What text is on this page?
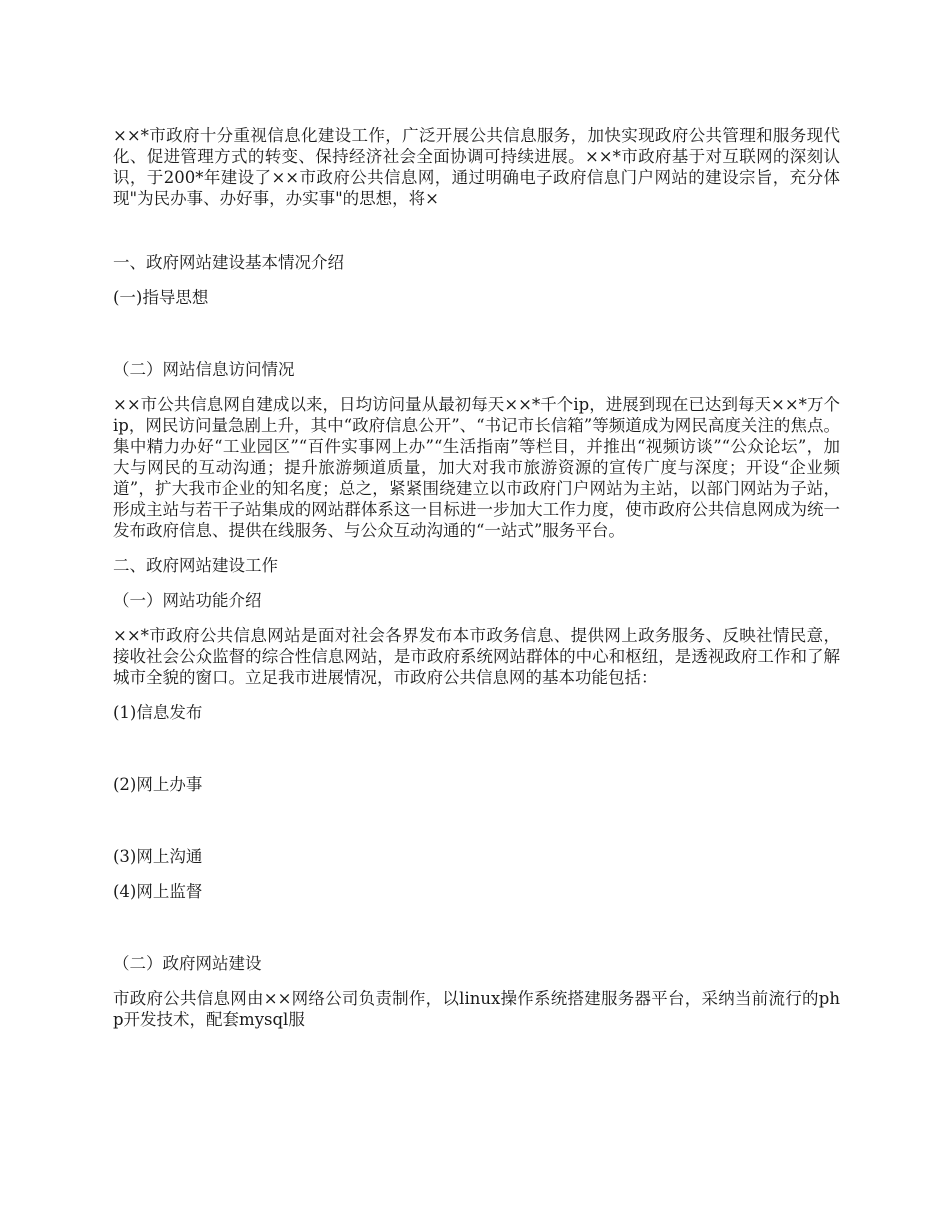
××*市政府十分重视信息化建设工作，广泛开展公共信息服务，加快实现政府公共管理和服务现代化、促进管理方式的转变、保持经济社会全面协调可持续进展。××*市政府基于对互联网的深刻认识，于200*年建设了××市政府公共信息网，通过明确电子政府信息门户网站的建设宗旨，充分体现"为民办事、办好事，办实事"的思想，将×

一、政府网站建设基本情况介绍

(一)指导思想

（二）网站信息访问情况

××市公共信息网自建成以来，日均访问量从最初每天××*千个ip，进展到现在已达到每天××*万个ip，网民访问量急剧上升，其中“政府信息公开”、“书记市长信箱”等频道成为网民高度关注的焦点。集中精力办好“工业园区”“百件实事网上办”“生活指南”等栏目，并推出“视频访谈”“公众论坛”，加大与网民的互动沟通；提升旅游频道质量，加大对我市旅游资源的宣传广度与深度；开设“企业频道”，扩大我市企业的知名度；总之，紧紧围绕建立以市政府门户网站为主站，以部门网站为子站，形成主站与若干子站集成的网站群体系这一目标进一步加大工作力度，使市政府公共信息网成为统一发布政府信息、提供在线服务、与公众互动沟通的“一站式”服务平台。

二、政府网站建设工作

（一）网站功能介绍

××*市政府公共信息网站是面对社会各界发布本市政务信息、提供网上政务服务、反映社情民意，接收社会公众监督的综合性信息网站，是市政府系统网站群体的中心和枢纽，是透视政府工作和了解城市全貌的窗口。立足我市进展情况，市政府公共信息网的基本功能包括：

(1)信息发布

(2)网上办事

(3)网上沟通

(4)网上监督

（二）政府网站建设

市政府公共信息网由××网络公司负责制作，以linux操作系统搭建服务器平台，采纳当前流行的php开发技术，配套mysql服
